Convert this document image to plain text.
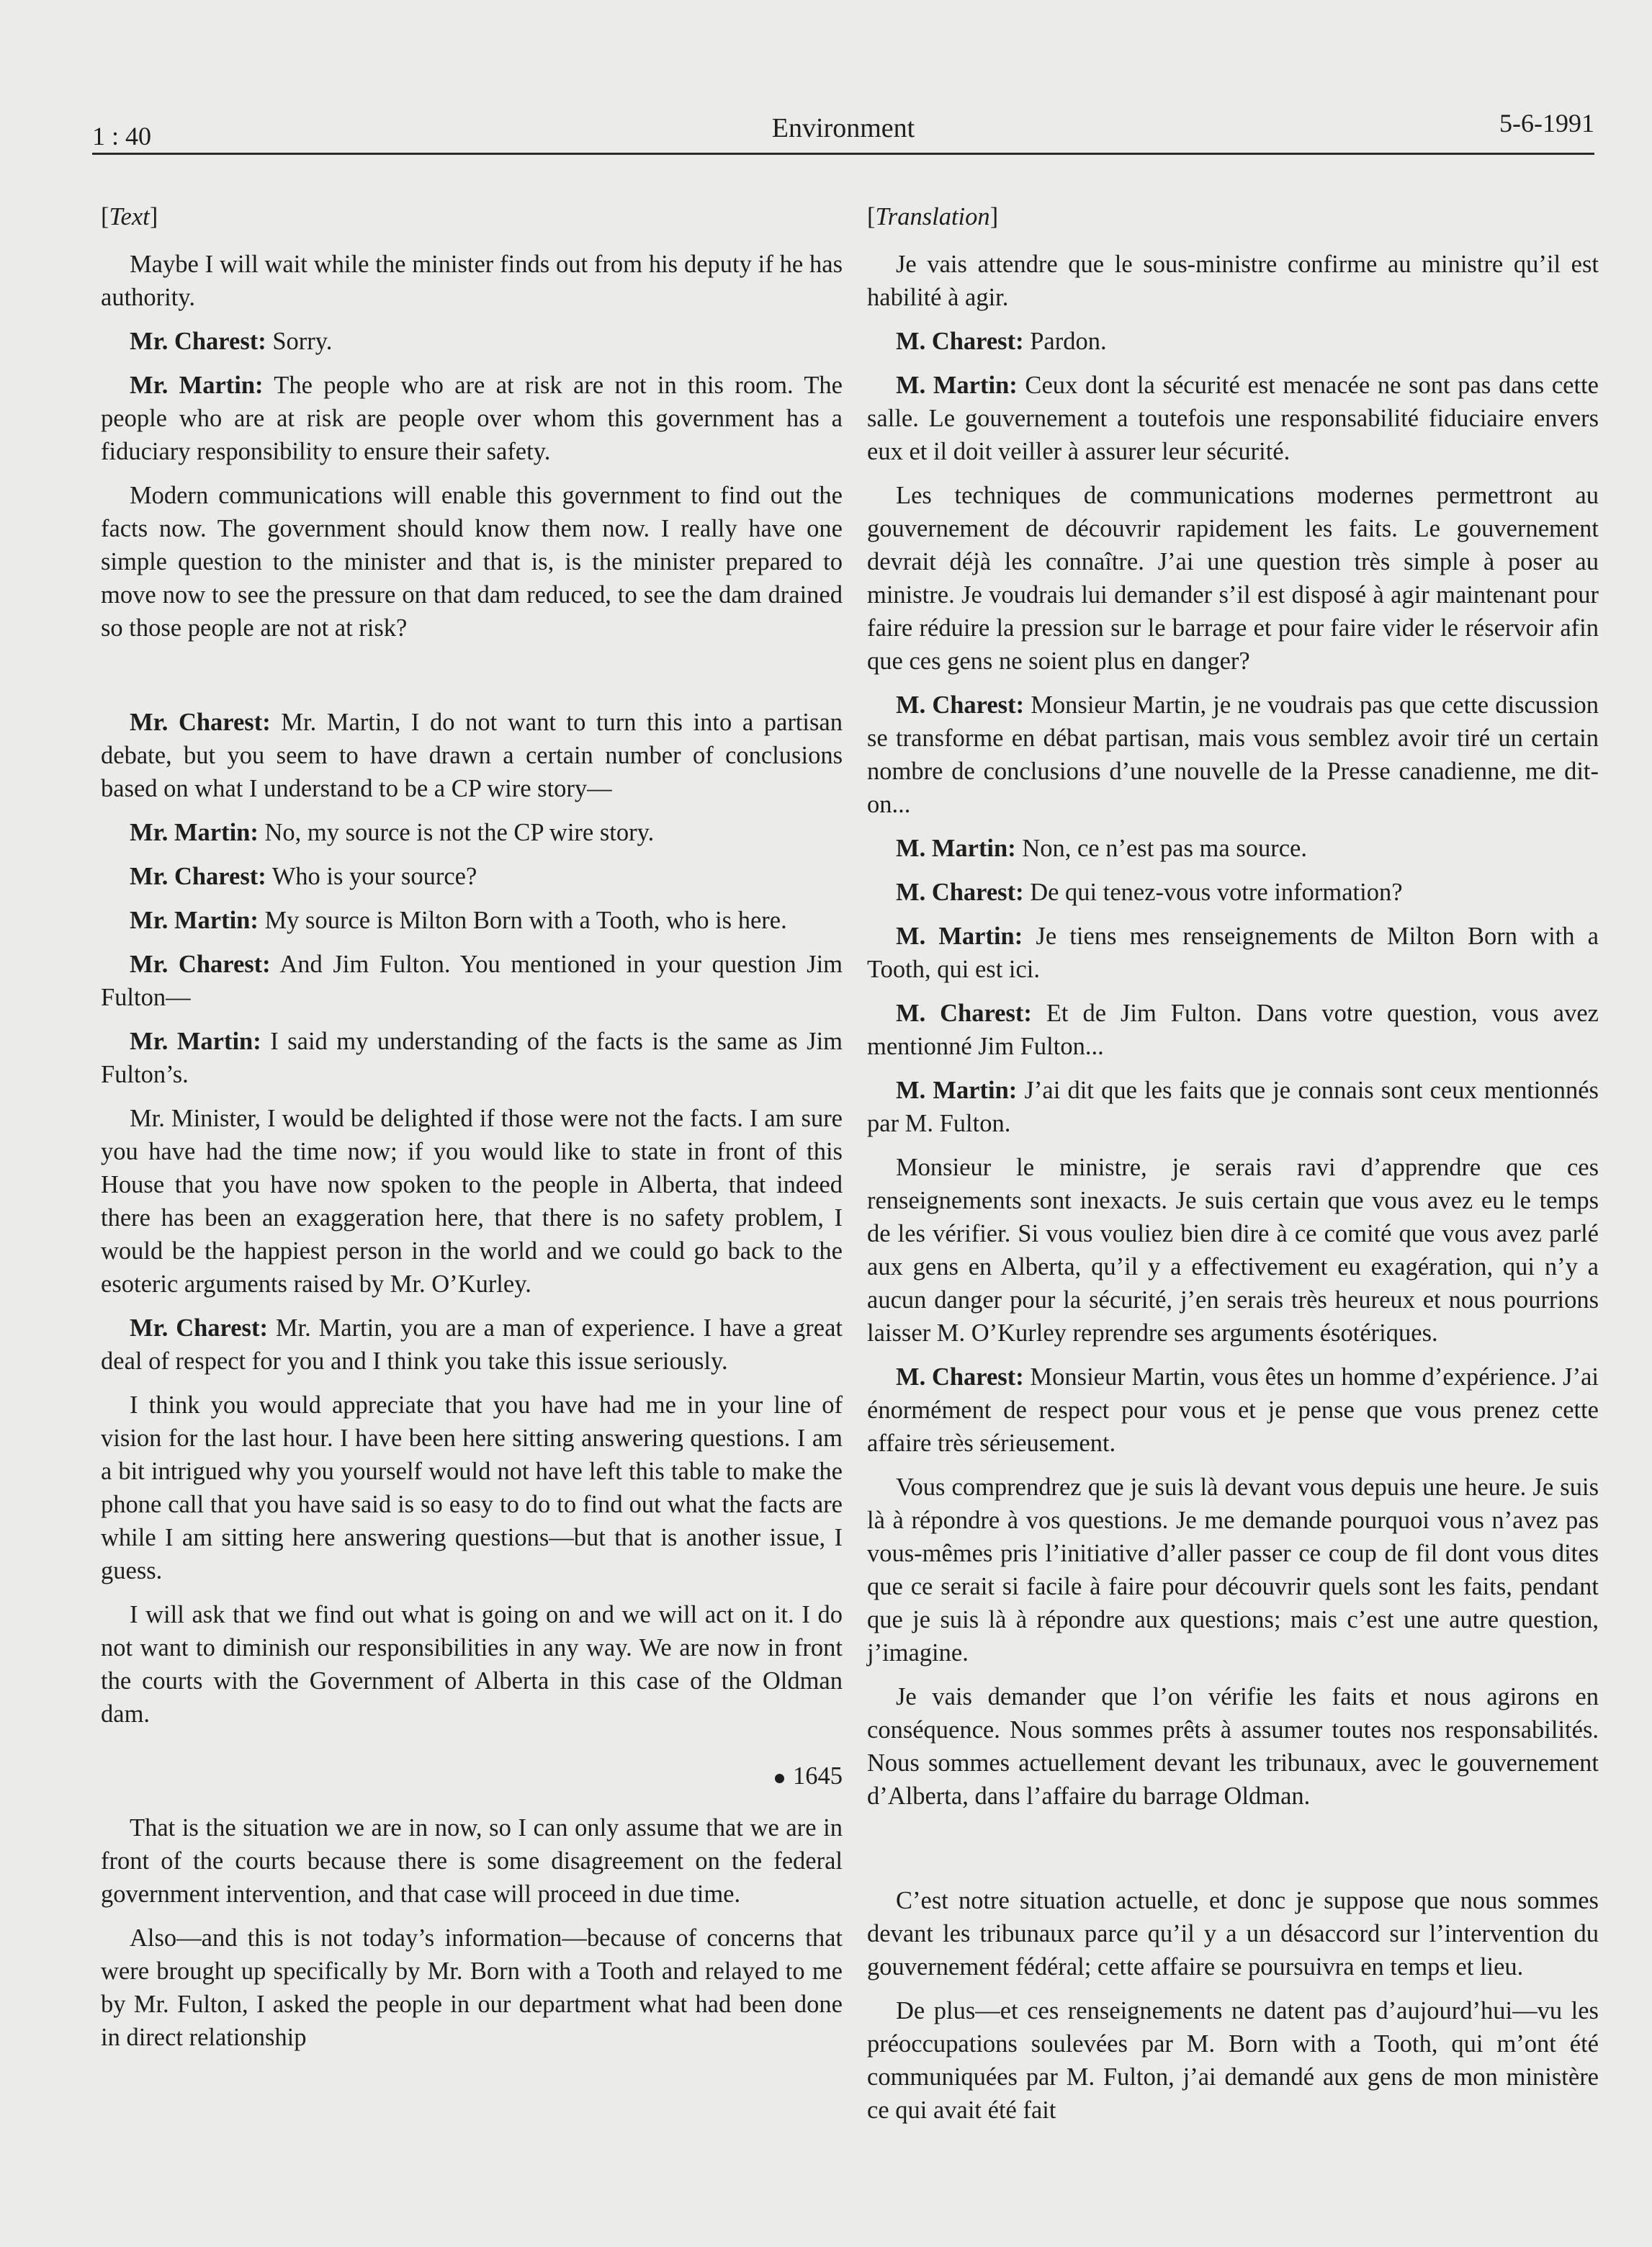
1 : 40	Environment	5-6-1991
[Text]

Maybe I will wait while the minister finds out from his deputy if he has authority.

Mr. Charest: Sorry.

Mr. Martin: The people who are at risk are not in this room. The people who are at risk are people over whom this government has a fiduciary responsibility to ensure their safety.

Modern communications will enable this government to find out the facts now. The government should know them now. I really have one simple question to the minister and that is, is the minister prepared to move now to see the pressure on that dam reduced, to see the dam drained so those people are not at risk?

Mr. Charest: Mr. Martin, I do not want to turn this into a partisan debate, but you seem to have drawn a certain number of conclusions based on what I understand to be a CP wire story—

Mr. Martin: No, my source is not the CP wire story.

Mr. Charest: Who is your source?

Mr. Martin: My source is Milton Born with a Tooth, who is here.

Mr. Charest: And Jim Fulton. You mentioned in your question Jim Fulton—

Mr. Martin: I said my understanding of the facts is the same as Jim Fulton’s.

Mr. Minister, I would be delighted if those were not the facts. I am sure you have had the time now; if you would like to state in front of this House that you have now spoken to the people in Alberta, that indeed there has been an exaggeration here, that there is no safety problem, I would be the happiest person in the world and we could go back to the esoteric arguments raised by Mr. O’Kurley.

Mr. Charest: Mr. Martin, you are a man of experience. I have a great deal of respect for you and I think you take this issue seriously.

I think you would appreciate that you have had me in your line of vision for the last hour. I have been here sitting answering questions. I am a bit intrigued why you yourself would not have left this table to make the phone call that you have said is so easy to do to find out what the facts are while I am sitting here answering questions—but that is another issue, I guess.

I will ask that we find out what is going on and we will act on it. I do not want to diminish our responsibilities in any way. We are now in front the courts with the Government of Alberta in this case of the Oldman dam.

1645

That is the situation we are in now, so I can only assume that we are in front of the courts because there is some disagreement on the federal government intervention, and that case will proceed in due time.

Also—and this is not today’s information—because of concerns that were brought up specifically by Mr. Born with a Tooth and relayed to me by Mr. Fulton, I asked the people in our department what had been done in direct relationship

[Translation]

Je vais attendre que le sous-ministre confirme au ministre qu’il est habilité à agir.

M. Charest: Pardon.

M. Martin: Ceux dont la sécurité est menacée ne sont pas dans cette salle. Le gouvernement a toutefois une responsabilité fiduciaire envers eux et il doit veiller à assurer leur sécurité.

Les techniques de communications modernes permettront au gouvernement de découvrir rapidement les faits. Le gouvernement devrait déjà les connaître. J’ai une question très simple à poser au ministre. Je voudrais lui demander s’il est disposé à agir maintenant pour faire réduire la pression sur le barrage et pour faire vider le réservoir afin que ces gens ne soient plus en danger?

M. Charest: Monsieur Martin, je ne voudrais pas que cette discussion se transforme en débat partisan, mais vous semblez avoir tiré un certain nombre de conclusions d’une nouvelle de la Presse canadienne, me dit-on...

M. Martin: Non, ce n’est pas ma source.

M. Charest: De qui tenez-vous votre information?

M. Martin: Je tiens mes renseignements de Milton Born with a Tooth, qui est ici.

M. Charest: Et de Jim Fulton. Dans votre question, vous avez mentionné Jim Fulton...

M. Martin: J’ai dit que les faits que je connais sont ceux mentionnés par M. Fulton.

Monsieur le ministre, je serais ravi d’apprendre que ces renseignements sont inexacts. Je suis certain que vous avez eu le temps de les vérifier. Si vous vouliez bien dire à ce comité que vous avez parlé aux gens en Alberta, qu’il y a effectivement eu exagération, qui n’y a aucun danger pour la sécurité, j’en serais très heureux et nous pourrions laisser M. O’Kurley reprendre ses arguments ésotériques.

M. Charest: Monsieur Martin, vous êtes un homme d’expérience. J’ai énormément de respect pour vous et je pense que vous prenez cette affaire très sérieusement.

Vous comprendrez que je suis là devant vous depuis une heure. Je suis là à répondre à vos questions. Je me demande pourquoi vous n’avez pas vous-mêmes pris l’initiative d’aller passer ce coup de fil dont vous dites que ce serait si facile à faire pour découvrir quels sont les faits, pendant que je suis là à répondre aux questions; mais c’est une autre question, j’imagine.

Je vais demander que l’on vérifie les faits et nous agirons en conséquence. Nous sommes prêts à assumer toutes nos responsabilités. Nous sommes actuellement devant les tribunaux, avec le gouvernement d’Alberta, dans l’affaire du barrage Oldman.

C’est notre situation actuelle, et donc je suppose que nous sommes devant les tribunaux parce qu’il y a un désaccord sur l’intervention du gouvernement fédéral; cette affaire se poursuivra en temps et lieu.

De plus—et ces renseignements ne datent pas d’aujourd’hui—vu les préoccupations soulevées par M. Born with a Tooth, qui m’ont été communiquées par M. Fulton, j’ai demandé aux gens de mon ministère ce qui avait été fait
